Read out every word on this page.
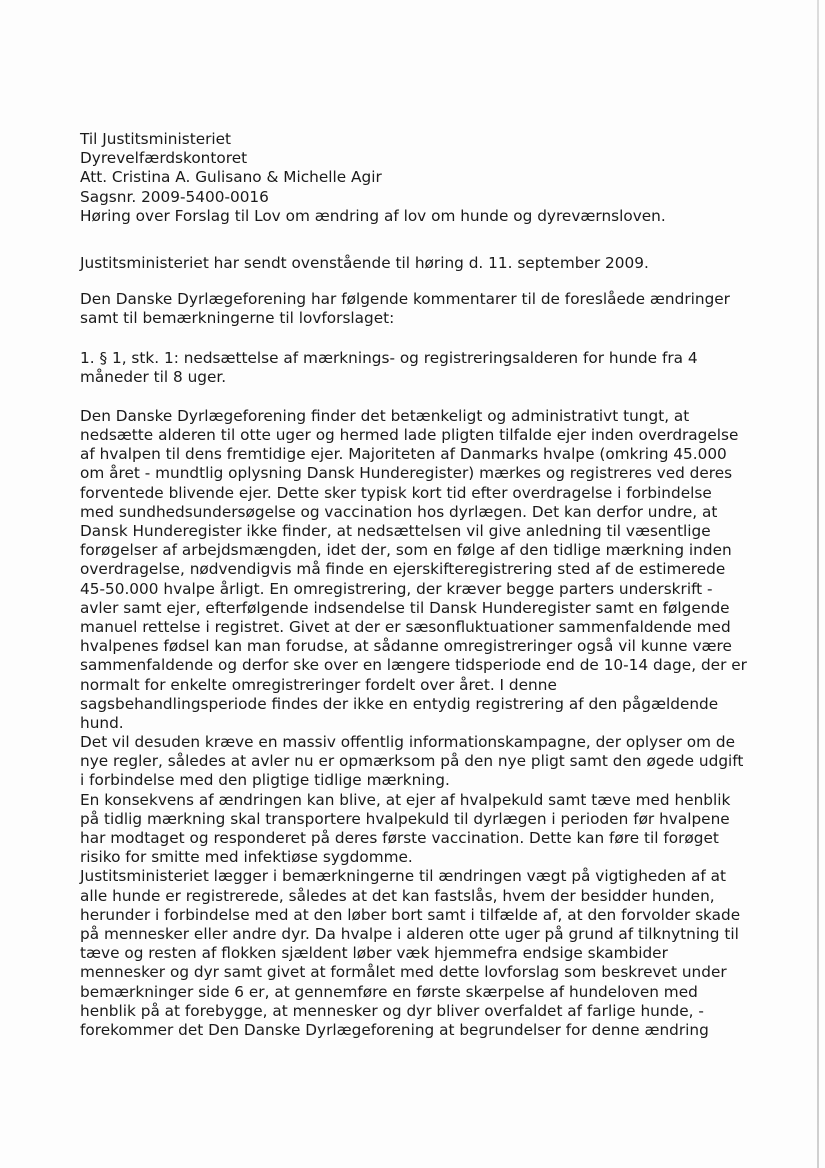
Til Justitsministeriet
Dyrevelfærdskontoret
Att. Cristina A. Gulisano & Michelle Agir
Sagsnr. 2009-5400-0016
Høring over Forslag til Lov om ændring af lov om hunde og dyreværnsloven.
Justitsministeriet har sendt ovenstående til høring d. 11. september 2009.
Den Danske Dyrlægeforening har følgende kommentarer til de foreslåede ændringer
samt til bemærkningerne til lovforslaget:
1. § 1, stk. 1: nedsættelse af mærknings- og registreringsalderen for hunde fra 4
måneder til 8 uger.
Den Danske Dyrlægeforening finder det betænkeligt og administrativt tungt, at
nedsætte alderen til otte uger og hermed lade pligten tilfalde ejer inden overdragelse
af hvalpen til dens fremtidige ejer. Majoriteten af Danmarks hvalpe (omkring 45.000
om året - mundtlig oplysning Dansk Hunderegister) mærkes og registreres ved deres
forventede blivende ejer. Dette sker typisk kort tid efter overdragelse i forbindelse
med sundhedsundersøgelse og vaccination hos dyrlægen. Det kan derfor undre, at
Dansk Hunderegister ikke finder, at nedsættelsen vil give anledning til væsentlige
forøgelser af arbejdsmængden, idet der, som en følge af den tidlige mærkning inden
overdragelse, nødvendigvis må finde en ejerskifteregistrering sted af de estimerede
45-50.000 hvalpe årligt. En omregistrering, der kræver begge parters underskrift -
avler samt ejer, efterfølgende indsendelse til Dansk Hunderegister samt en følgende
manuel rettelse i registret. Givet at der er sæsonfluktuationer sammenfaldende med
hvalpenes fødsel kan man forudse, at sådanne omregistreringer også vil kunne være
sammenfaldende og derfor ske over en længere tidsperiode end de 10-14 dage, der er
normalt for enkelte omregistreringer fordelt over året. I denne
sagsbehandlingsperiode findes der ikke en entydig registrering af den pågældende
hund.
Det vil desuden kræve en massiv offentlig informationskampagne, der oplyser om de
nye regler, således at avler nu er opmærksom på den nye pligt samt den øgede udgift
i forbindelse med den pligtige tidlige mærkning.
En konsekvens af ændringen kan blive, at ejer af hvalpekuld samt tæve med henblik
på tidlig mærkning skal transportere hvalpekuld til dyrlægen i perioden før hvalpene
har modtaget og responderet på deres første vaccination. Dette kan føre til forøget
risiko for smitte med infektiøse sygdomme.
Justitsministeriet lægger i bemærkningerne til ændringen vægt på vigtigheden af at
alle hunde er registrerede, således at det kan fastslås, hvem der besidder hunden,
herunder i forbindelse med at den løber bort samt i tilfælde af, at den forvolder skade
på mennesker eller andre dyr. Da hvalpe i alderen otte uger på grund af tilknytning til
tæve og resten af flokken sjældent løber væk hjemmefra endsige skambider
mennesker og dyr samt givet at formålet med dette lovforslag som beskrevet under
bemærkninger side 6 er, at gennemføre en første skærpelse af hundeloven med
henblik på at forebygge, at mennesker og dyr bliver overfaldet af farlige hunde, -
forekommer det Den Danske Dyrlægeforening at begrundelser for denne ændring
